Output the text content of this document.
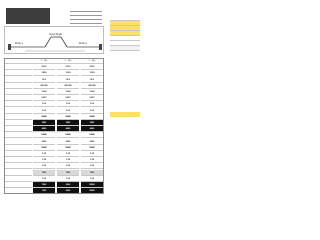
Fixity 1
Curve Ends
Fixity 2
Y - 100	Y - 200	Y - 300
100.0	270.3	100.0
3.890	1.000	1.000
14.0	14.0	14.0
180.000	180.000	180.000
1.500	1.500	1.500
0.427	0.427	0.427
C3.0	C3.0	C3.0
3.00	3.00	3.00
34345	34345	34345
3990	3990	3990
4000	4000	4000
18840	18840	18840
3950	3950	3950
29545	29545	29545
1.00	1.00	1.00
1.00	1.00	1.00
3.00	3.00	3.00
7000	7000	7000
1.00	1.00	1.00
7000	6000	38500
7000	6000	38500
